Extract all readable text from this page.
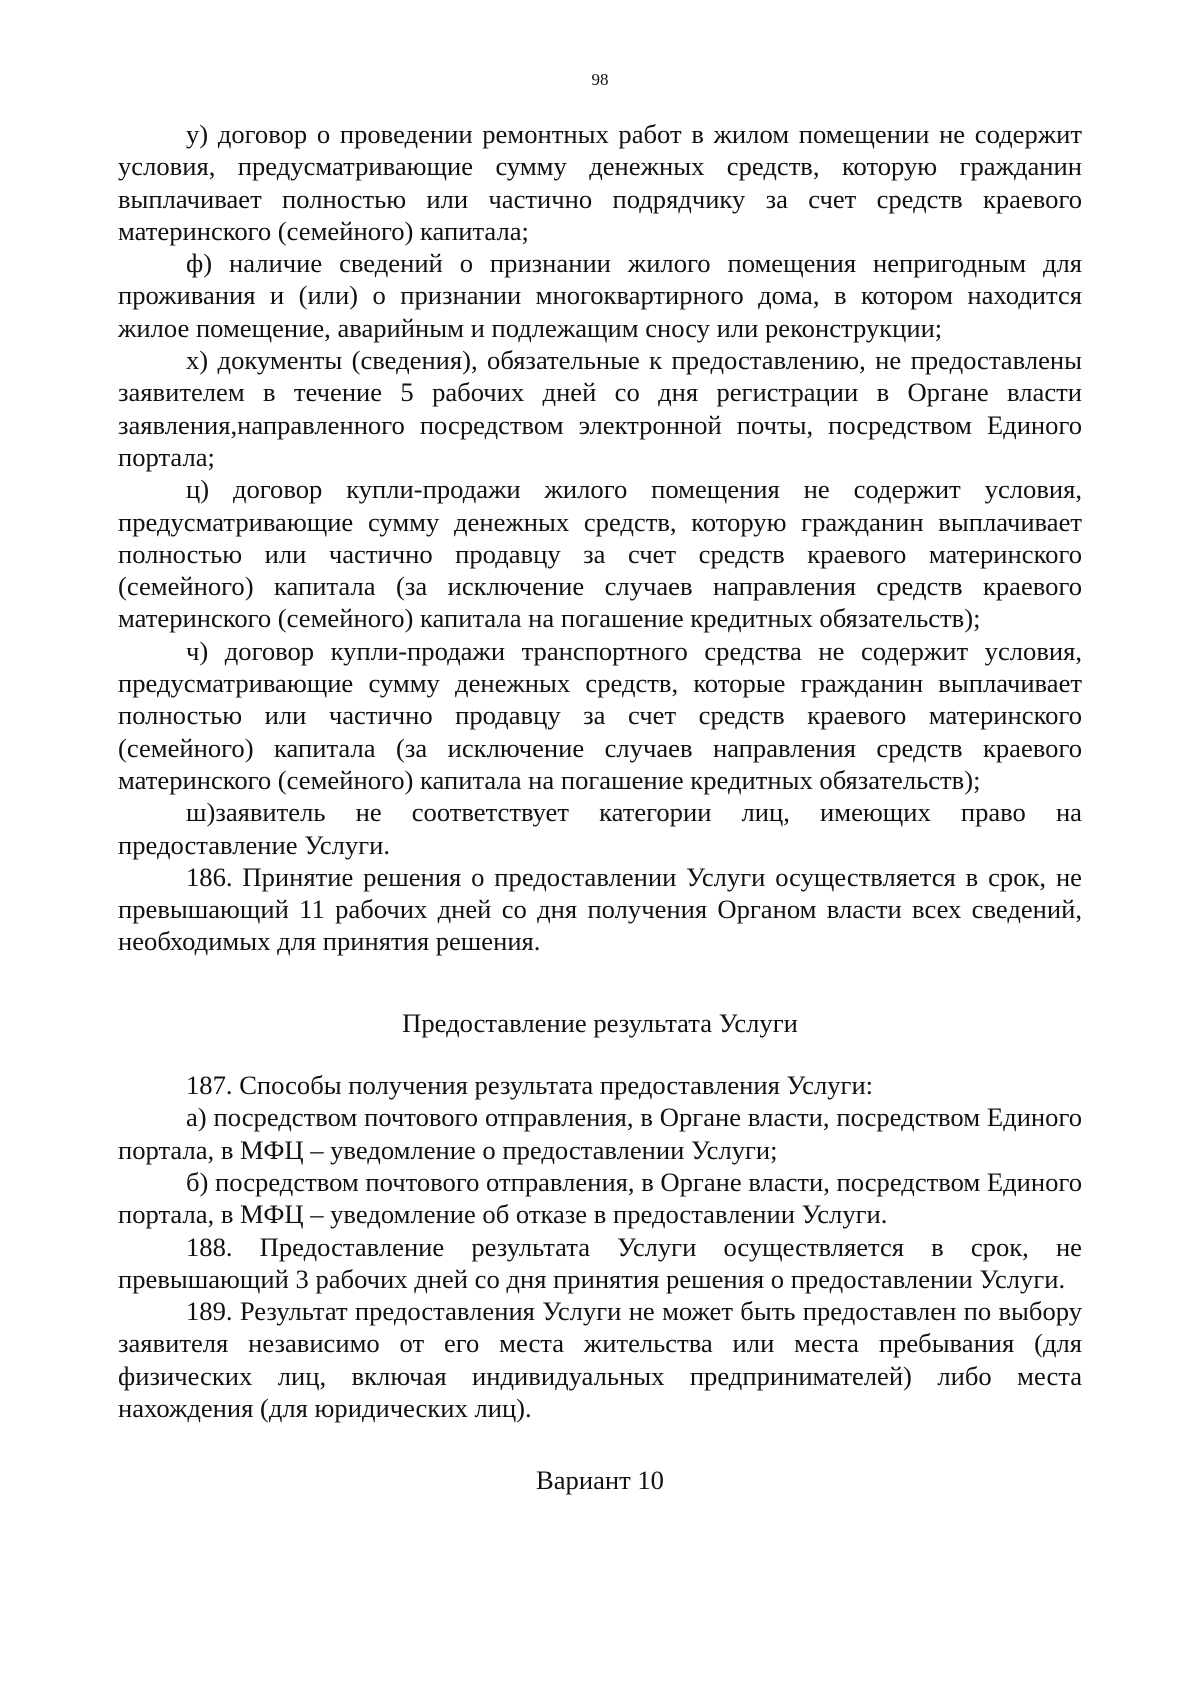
98

у) договор о проведении ремонтных работ в жилом помещении не содержит условия, предусматривающие сумму денежных средств, которую гражданин выплачивает полностью или частично подрядчику за счет средств краевого материнского (семейного) капитала;

ф) наличие сведений о признании жилого помещения непригодным для проживания и (или) о признании многоквартирного дома, в котором находится жилое помещение, аварийным и подлежащим сносу или реконструкции;

х) документы (сведения), обязательные к предоставлению, не предоставлены заявителем в течение 5 рабочих дней со дня регистрации в Органе власти заявления,направленного посредством электронной почты, посредством Единого портала;

ц) договор купли-продажи жилого помещения не содержит условия, предусматривающие сумму денежных средств, которую гражданин выплачивает полностью или частично продавцу за счет средств краевого материнского (семейного) капитала (за исключение случаев направления средств краевого материнского (семейного) капитала на погашение кредитных обязательств);

ч) договор купли-продажи транспортного средства не содержит условия, предусматривающие сумму денежных средств, которые гражданин выплачивает полностью или частично продавцу за счет средств краевого материнского (семейного) капитала (за исключение случаев направления средств краевого материнского (семейного) капитала на погашение кредитных обязательств);

ш)заявитель не соответствует категории лиц, имеющих право на предоставление Услуги.

186. Принятие решения о предоставлении Услуги осуществляется в срок, не превышающий 11 рабочих дней со дня получения Органом власти всех сведений, необходимых для принятия решения.

Предоставление результата Услуги

187. Способы получения результата предоставления Услуги:

а) посредством почтового отправления, в Органе власти, посредством Единого портала, в МФЦ – уведомление о предоставлении Услуги;

б) посредством почтового отправления, в Органе власти, посредством Единого портала, в МФЦ – уведомление об отказе в предоставлении Услуги.

188. Предоставление результата Услуги осуществляется в срок, не превышающий 3 рабочих дней со дня принятия решения о предоставлении Услуги.

189. Результат предоставления Услуги не может быть предоставлен по выбору заявителя независимо от его места жительства или места пребывания (для физических лиц, включая индивидуальных предпринимателей) либо места нахождения (для юридических лиц).

Вариант 10
